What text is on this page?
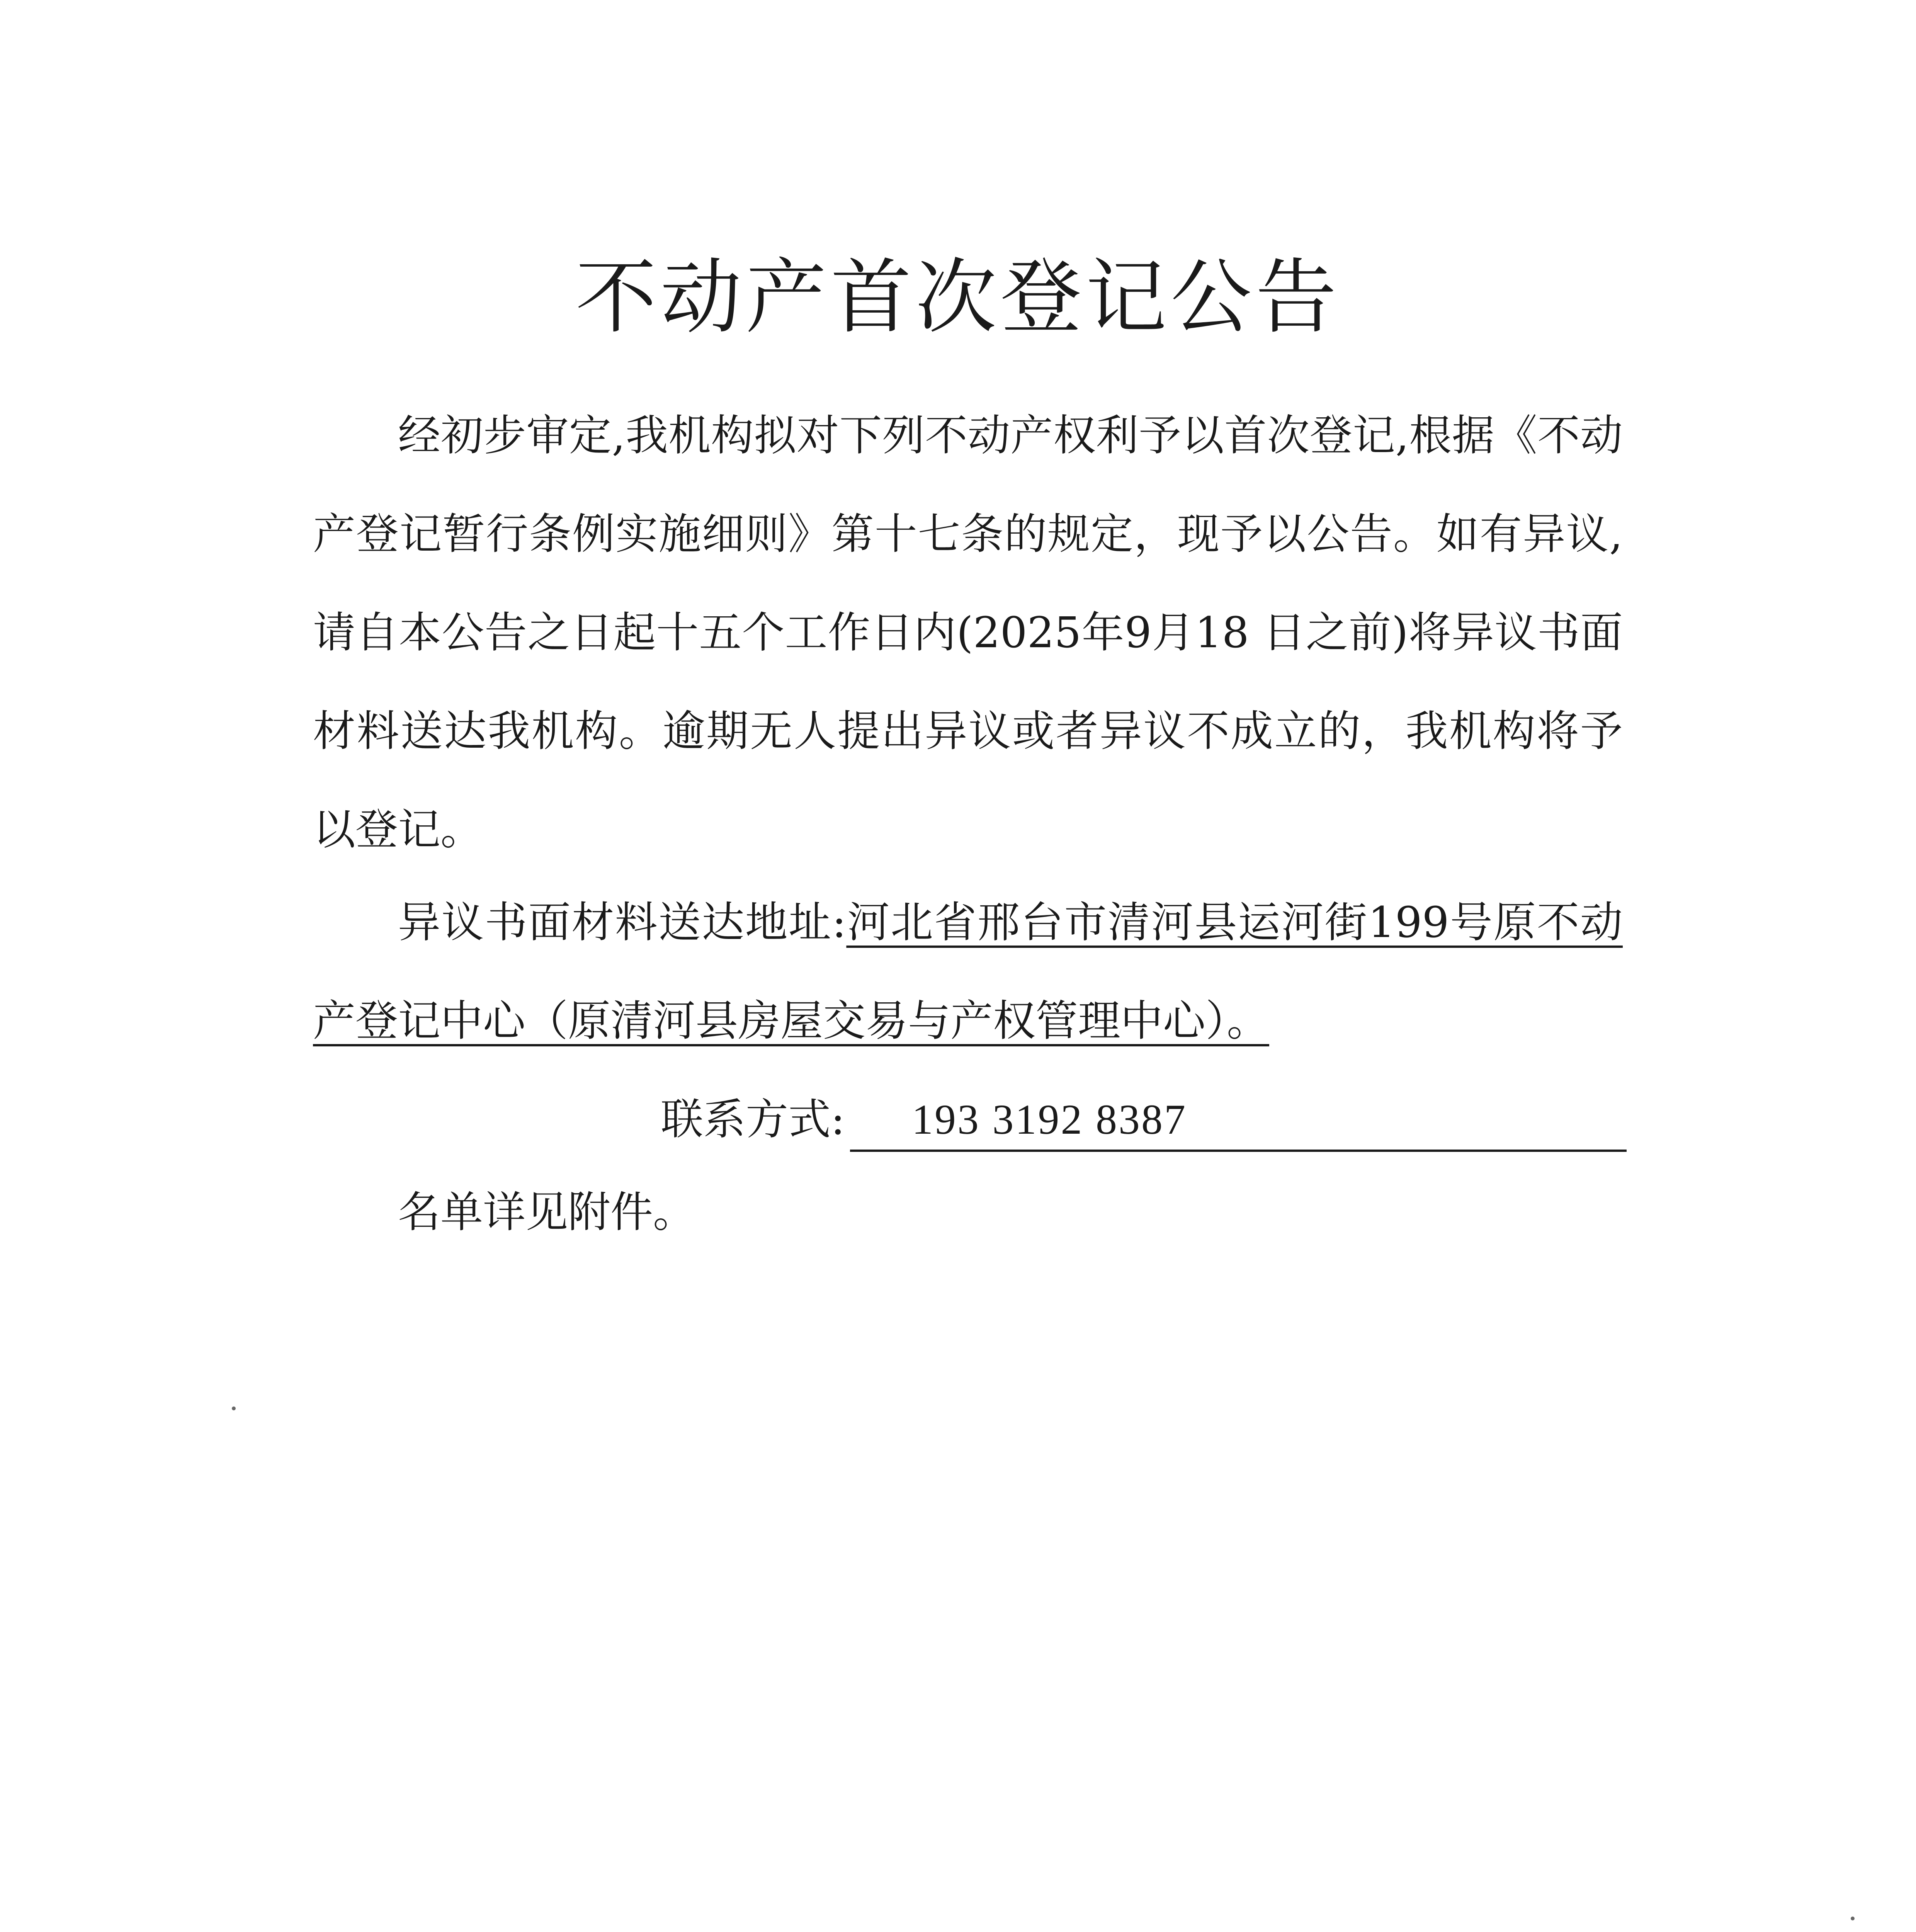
不动产首次登记公告
经初步审定,我机构拟对下列不动产权利予以首次登记,根据《不动产登记暂行条例实施细则》第十七条的规定，现予以公告。如有异议,请自本公告之日起十五个工作日内(2025年9月18 日之前)将异议书面材料送达我机构。逾期无人提出异议或者异议不成立的，我机构将予以登记。
异议书面材料送达地址:河北省邢台市清河县运河街199号原不动产登记中心（原清河县房屋交易与产权管理中心）。
联系方式: 193 3192 8387
名单详见附件。
